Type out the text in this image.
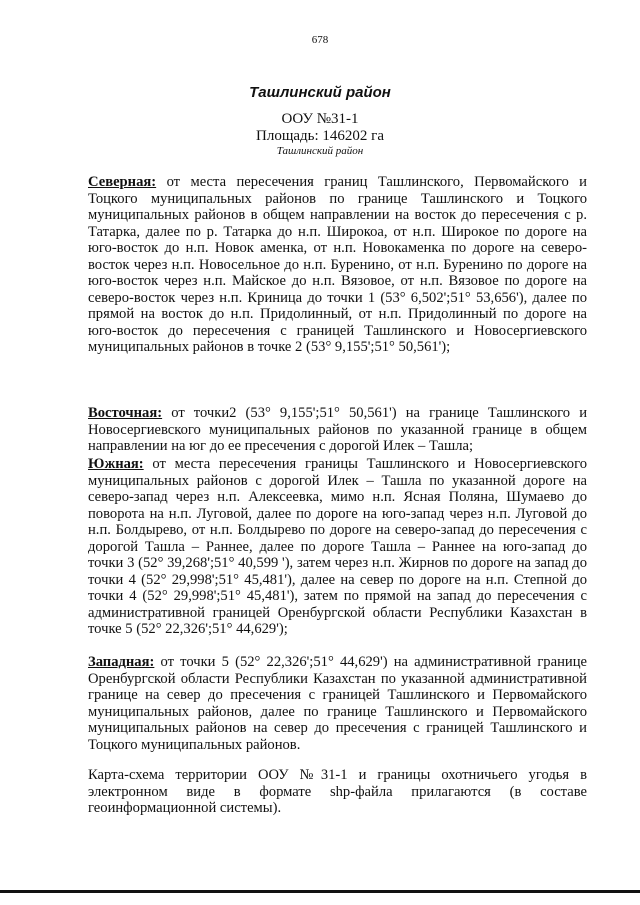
678
Ташлинский район
ООУ №31-1
Площадь: 146202 га
Ташлинский район

Северная: от места пересечения границ Ташлинского, Первомайского и Тоцкого муниципальных районов по границе Ташлинского и Тоцкого муниципальных районов в общем направлении на восток до пересечения с р. Татарка, далее по р. Татарка до н.п. Широкоа, от н.п. Широкое по дороге на юго-восток до н.п. Новок аменка, от н.п. Новокаменка по дороге на северо-восток через н.п. Новосельное до н.п. Буренино, от н.п. Буренино по дороге на юго-восток через н.п. Майское до н.п. Вязовое, от н.п. Вязовое по дороге на северо-восток через н.п. Криница до точки 1 (53° 6,502';51° 53,656'), далее по прямой на восток до н.п. Придолинный, от н.п. Придолинный по дороге на юго-восток до пересечения с границей Ташлинского и Новосергиевского муниципальных районов в точке 2 (53° 9,155';51° 50,561');

Восточная: от точки2 (53° 9,155';51° 50,561') на границе Ташлинского и Новосергиевского муниципальных районов по указанной границе в общем направлении на юг до ее пресечения с дорогой Илек – Ташла;

Южная: от места пересечения границы Ташлинского и Новосергиевского муниципальных районов с дорогой Илек – Ташла по указанной дороге на северо-запад через н.п. Алексеевка, мимо н.п. Ясная Поляна, Шумаево до поворота на н.п. Луговой, далее по дороге на юго-запад через н.п. Луговой до н.п. Болдырево, от н.п. Болдырево по дороге на северо-запад до пересечения с дорогой Ташла – Раннее, далее по дороге Ташла – Раннее на юго-запад до точки 3 (52° 39,268';51° 40,599 '), затем через н.п. Жирнов по дороге на запад до точки 4 (52° 29,998';51° 45,481'), далее на север по дороге на н.п. Степной до точки 4 (52° 29,998';51° 45,481'), затем по прямой на запад до пересечения с административной границей Оренбургской области Республики Казахстан в точке 5 (52° 22,326';51° 44,629');

Западная: от точки 5 (52° 22,326';51° 44,629') на административной границе Оренбургской области Республики Казахстан по указанной административной границе на север до пресечения с границей Ташлинского и Первомайского муниципальных районов, далее по границе Ташлинского и Первомайского муниципальных районов на север до пресечения с границей Ташлинского и Тоцкого муниципальных районов.

Карта-схема территории ООУ №31-1 и границы охотничьего угодья в электронном виде в формате shp-файла прилагаются (в составе геоинформационной системы).
